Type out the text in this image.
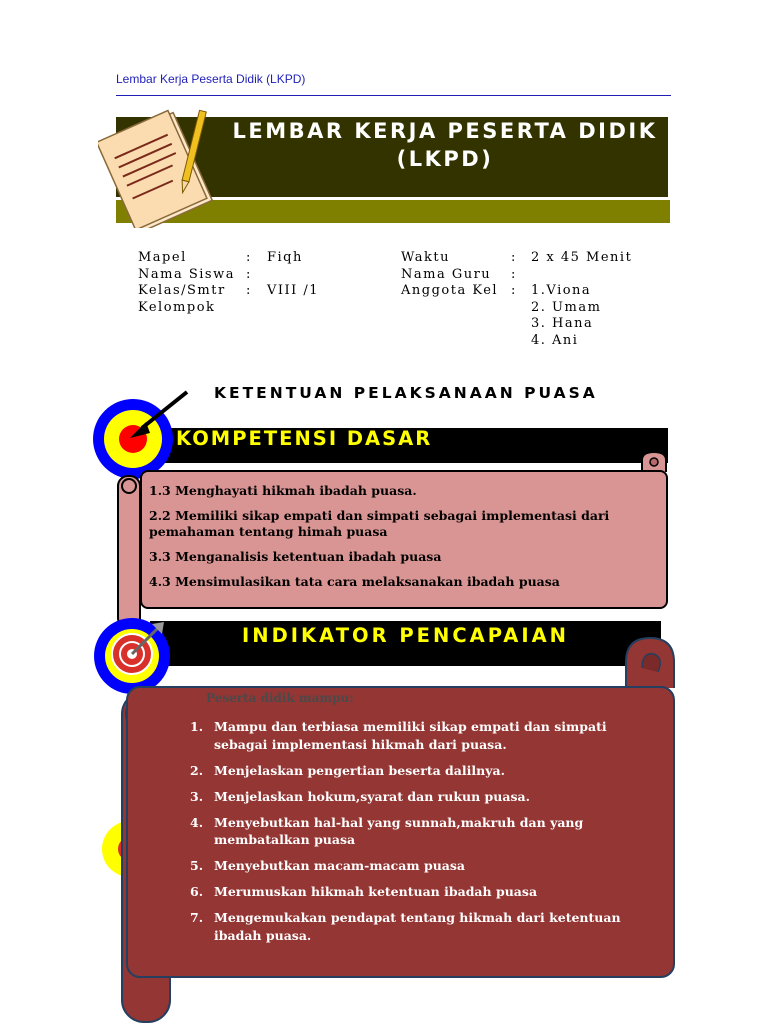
Lembar Kerja Peserta Didik (LKPD)
LEMBAR KERJA PESERTA DIDIK
(LKPD)
Mapel
Nama Siswa
Kelas/Smtr
Kelompok
:
:
:
Fiqh
VIII /1
Waktu
Nama Guru
Anggota Kel
:
:
:
2 x 45 Menit
1.Viona
2. Umam
3. Hana
4. Ani
KETENTUAN PELAKSANAAN PUASA
KOMPETENSI DASAR
1.3 Menghayati hikmah ibadah puasa.
2.2 Memiliki sikap empati dan simpati sebagai implementasi dari pemahaman tentang himah puasa
3.3 Menganalisis ketentuan ibadah puasa
4.3 Mensimulasikan tata cara melaksanakan ibadah puasa
INDIKATOR PENCAPAIAN
Peserta didik mampu:
1. Mampu dan terbiasa memiliki sikap empati dan simpati sebagai implementasi hikmah dari puasa.
2. Menjelaskan pengertian beserta dalilnya.
3. Menjelaskan hokum,syarat dan rukun puasa.
4. Menyebutkan hal-hal yang sunnah,makruh dan yang membatalkan puasa
5. Menyebutkan macam-macam puasa
6. Merumuskan hikmah ketentuan ibadah puasa
7. Mengemukakan pendapat tentang hikmah dari ketentuan ibadah puasa.
